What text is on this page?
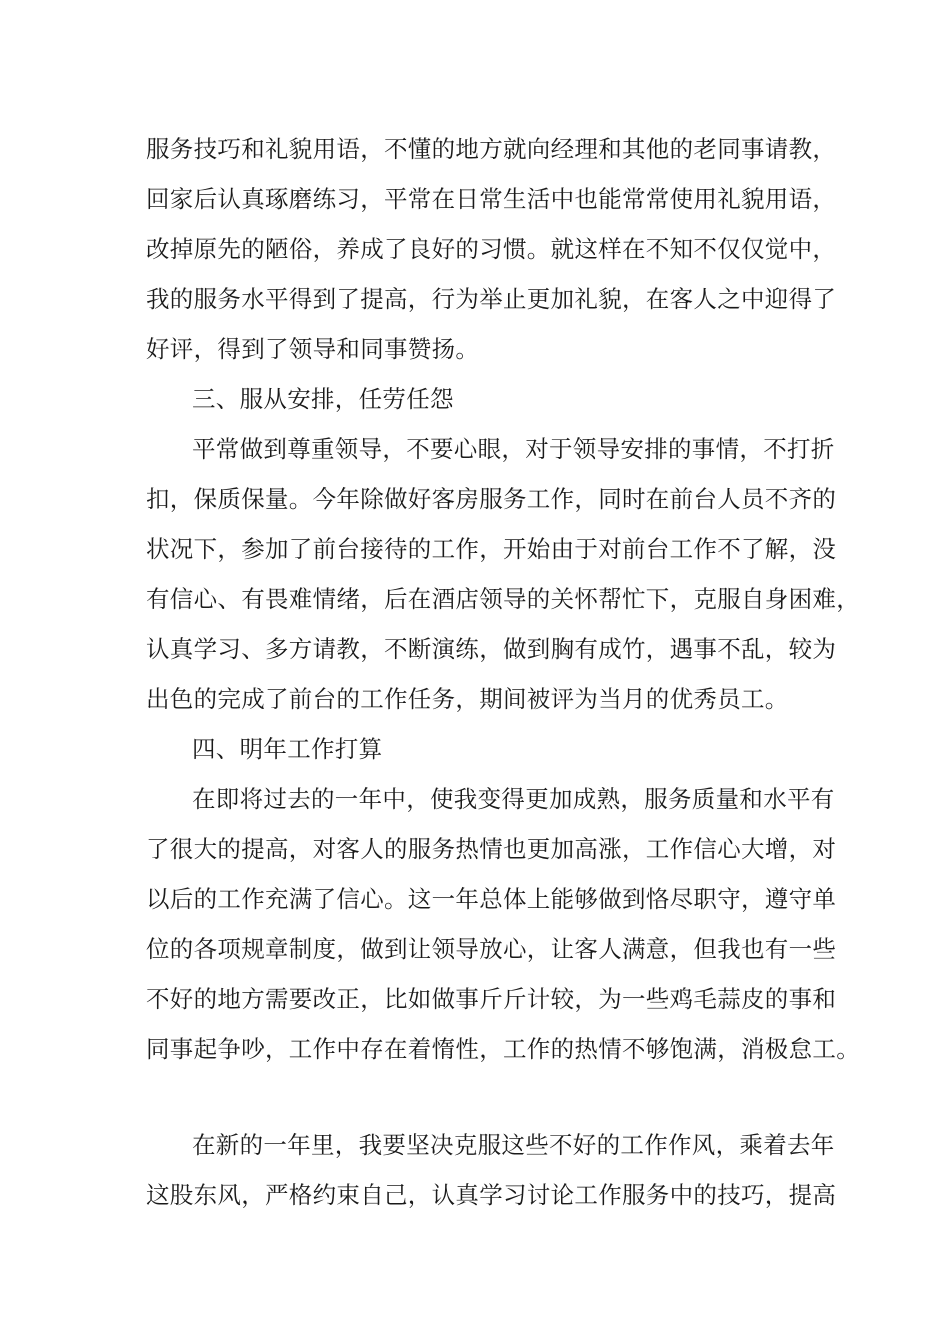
服务技巧和礼貌用语，不懂的地方就向经理和其他的老同事请教，
回家后认真琢磨练习，平常在日常生活中也能常常使用礼貌用语，
改掉原先的陋俗，养成了良好的习惯。就这样在不知不仅仅觉中，
我的服务水平得到了提高，行为举止更加礼貌，在客人之中迎得了
好评，得到了领导和同事赞扬。
三、服从安排，任劳任怨
平常做到尊重领导，不要心眼，对于领导安排的事情，不打折
扣，保质保量。今年除做好客房服务工作，同时在前台人员不齐的
状况下，参加了前台接待的工作，开始由于对前台工作不了解，没
有信心、有畏难情绪，后在酒店领导的关怀帮忙下，克服自身困难，
认真学习、多方请教，不断演练，做到胸有成竹，遇事不乱，较为
出色的完成了前台的工作任务，期间被评为当月的优秀员工。
四、明年工作打算
在即将过去的一年中，使我变得更加成熟，服务质量和水平有
了很大的提高，对客人的服务热情也更加高涨，工作信心大增，对
以后的工作充满了信心。这一年总体上能够做到恪尽职守，遵守单
位的各项规章制度，做到让领导放心，让客人满意，但我也有一些
不好的地方需要改正，比如做事斤斤计较，为一些鸡毛蒜皮的事和
同事起争吵，工作中存在着惰性，工作的热情不够饱满，消极怠工。
在新的一年里，我要坚决克服这些不好的工作作风，乘着去年
这股东风，严格约束自己，认真学习讨论工作服务中的技巧，提高
